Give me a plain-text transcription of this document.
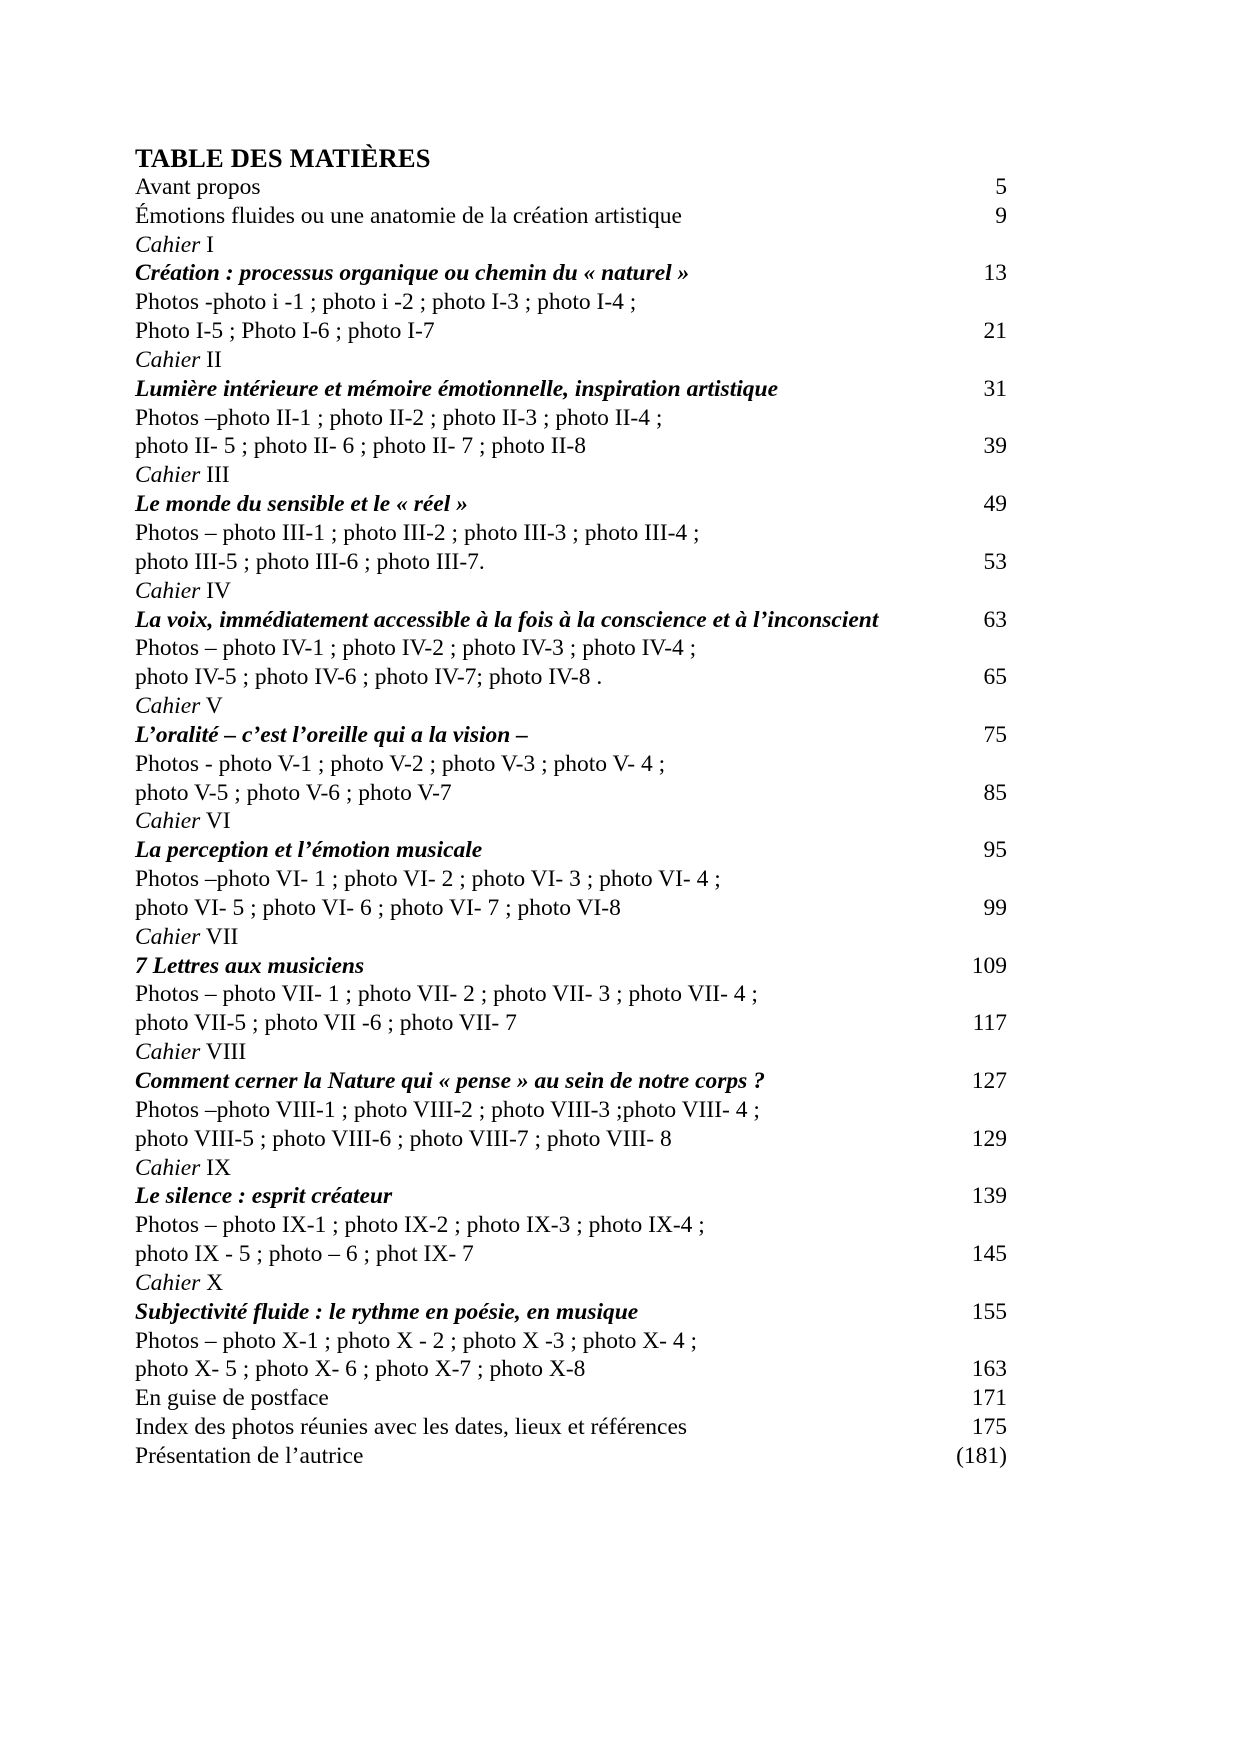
TABLE DES MATIÈRES
Avant propos	5
Émotions fluides ou une anatomie de la création artistique	9
Cahier I
Création : processus organique ou chemin du « naturel »	13
Photos -photo i -1 ; photo i -2 ; photo I-3 ; photo I-4 ;
Photo I-5 ; Photo I-6 ; photo I-7	21
Cahier II
Lumière intérieure et mémoire émotionnelle, inspiration artistique	31
Photos –photo II-1 ; photo II-2 ; photo II-3 ; photo II-4 ;
photo II- 5 ; photo II- 6 ; photo II- 7 ; photo II-8	39
Cahier III
Le monde du sensible et le « réel »	49
Photos – photo III-1 ; photo III-2 ; photo III-3 ; photo III-4 ;
photo III-5 ; photo III-6 ; photo III-7.	53
Cahier IV
La voix, immédiatement accessible à la fois à la conscience et à l’inconscient	63
Photos – photo IV-1 ; photo IV-2 ; photo IV-3 ; photo IV-4 ;
photo IV-5 ; photo IV-6 ; photo IV-7; photo IV-8 .	65
Cahier V
L’oralité – c’est l’oreille qui a la vision –	75
Photos - photo V-1 ; photo V-2 ; photo V-3 ; photo V- 4 ;
photo V-5 ; photo V-6 ; photo V-7	85
Cahier VI
La perception et l’émotion musicale	95
Photos –photo VI- 1 ; photo VI- 2 ; photo VI- 3 ; photo VI- 4 ;
photo VI- 5 ; photo VI- 6 ; photo VI- 7 ; photo VI-8	99
Cahier VII
7 Lettres aux musiciens	109
Photos – photo VII- 1 ; photo VII- 2 ; photo VII- 3 ; photo VII- 4 ;
photo VII-5 ; photo VII -6 ; photo VII- 7	117
Cahier VIII
Comment cerner la Nature qui « pense » au sein de notre corps ?	127
Photos –photo VIII-1 ; photo VIII-2 ; photo VIII-3 ;photo VIII- 4 ;
photo VIII-5 ; photo VIII-6 ; photo VIII-7 ; photo VIII- 8	129
Cahier IX
Le silence : esprit créateur	139
Photos – photo IX-1 ; photo IX-2 ; photo IX-3 ; photo IX-4 ;
photo IX - 5 ; photo – 6 ; phot IX- 7	145
Cahier X
Subjectivité fluide : le rythme en poésie, en musique	155
Photos – photo X-1 ; photo X - 2 ; photo X -3 ; photo X- 4 ;
photo X- 5 ; photo X- 6 ; photo X-7 ; photo X-8	163
En guise de postface	171
Index des photos réunies avec les dates, lieux et références	175
Présentation de l’autrice	(181)
